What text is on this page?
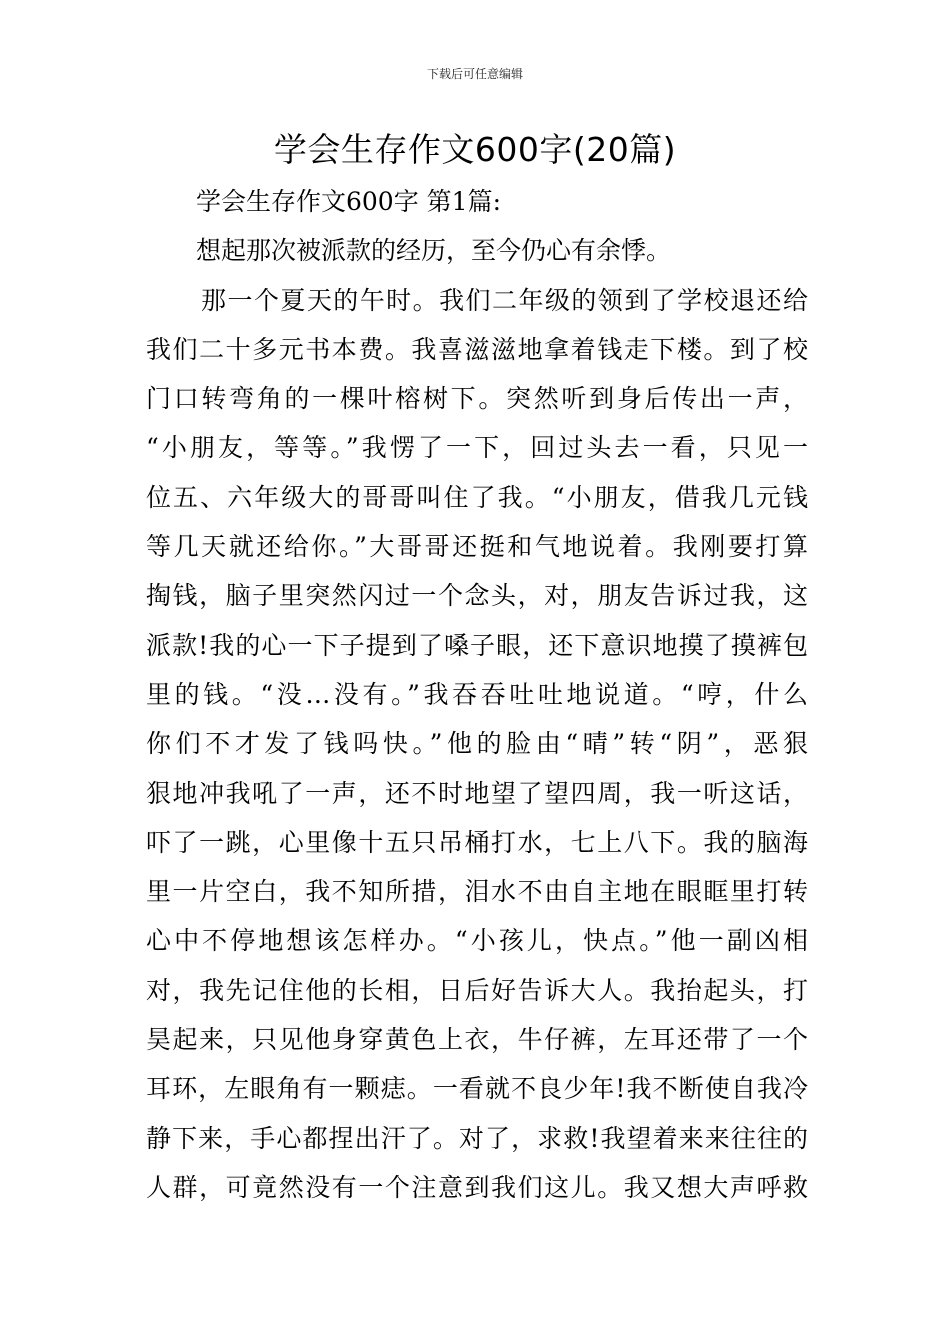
下载后可任意编辑
学会生存作文600字(20篇)
学会生存作文600字 第1篇:
想起那次被派款的经历，至今仍心有余悸。
那一个夏天的午时。我们二年级的领到了学校退还给
我们二十多元书本费。我喜滋滋地拿着钱走下楼。到了校
门口转弯角的一棵叶榕树下。突然听到身后传出一声，
“小朋友，等等。”我愣了一下，回过头去一看，只见一
位五、六年级大的哥哥叫住了我。“小朋友，借我几元钱
等几天就还给你。”大哥哥还挺和气地说着。我刚要打算
掏钱，脑子里突然闪过一个念头，对，朋友告诉过我，这
派款!我的心一下子提到了嗓子眼，还下意识地摸了摸裤包
里的钱。“没…没有。”我吞吞吐吐地说道。“哼，什么
你们不才发了钱吗快。”他的脸由“晴”转“阴”，恶狠
狠地冲我吼了一声，还不时地望了望四周，我一听这话，
吓了一跳，心里像十五只吊桶打水，七上八下。我的脑海
里一片空白，我不知所措，泪水不由自主地在眼眶里打转
心中不停地想该怎样办。“小孩儿，快点。”他一副凶相
对，我先记住他的长相，日后好告诉大人。我抬起头，打
昊起来，只见他身穿黄色上衣，牛仔裤，左耳还带了一个
耳环，左眼角有一颗痣。一看就不良少年!我不断使自我冷
静下来，手心都捏出汗了。对了，求救!我望着来来往往的
人群，可竟然没有一个注意到我们这儿。我又想大声呼救
